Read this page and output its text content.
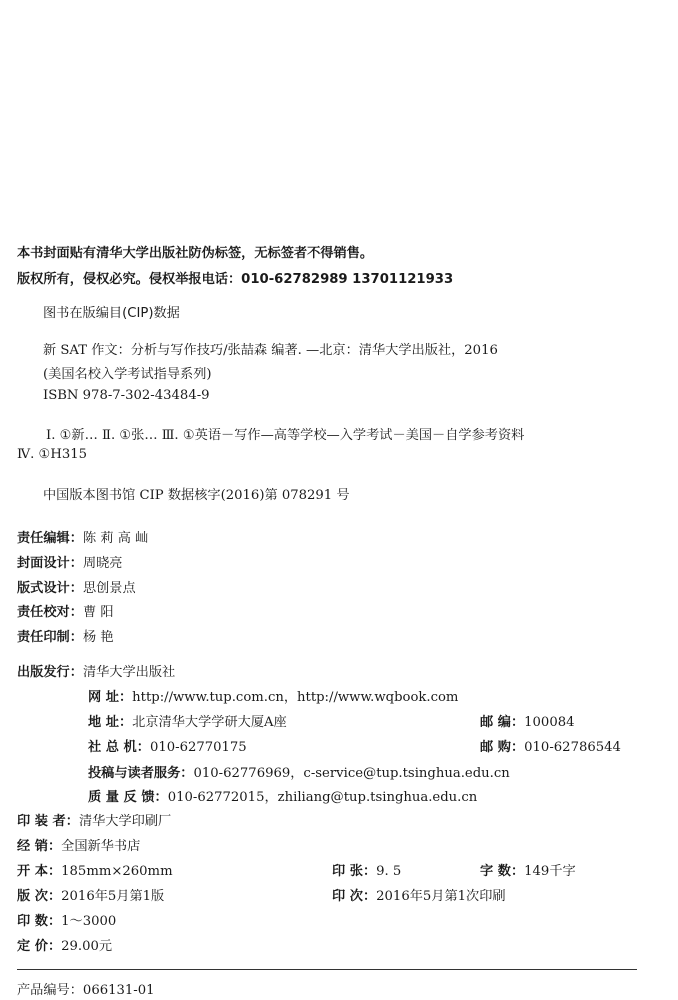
本书封面贴有清华大学出版社防伪标签，无标签者不得销售。
版权所有，侵权必究。侵权举报电话：010-62782989 13701121933
图书在版编目(CIP)数据
新 SAT 作文：分析与写作技巧/张喆森 编著. —北京：清华大学出版社，2016
(美国名校入学考试指导系列)
ISBN 978-7-302-43484-9
Ⅰ. ①新… Ⅱ. ①张… Ⅲ. ①英语－写作—高等学校—入学考试－美国－自学参考资料
Ⅳ. ①H315
中国版本图书馆 CIP 数据核字(2016)第 078291 号
责任编辑：陈 莉 高 屾
封面设计：周晓亮
版式设计：思创景点
责任校对：曹 阳
责任印制：杨 艳
出版发行：清华大学出版社
网 址：http://www.tup.com.cn，http://www.wqbook.com
地 址：北京清华大学学研大厦A座	邮 编：100084
社 总 机：010-62770175	邮 购：010-62786544
投稿与读者服务：010-62776969，c-service@tup.tsinghua.edu.cn
质 量 反 馈：010-62772015，zhiliang@tup.tsinghua.edu.cn
印 装 者：清华大学印刷厂
经 销：全国新华书店
开 本：185mm×260mm	印 张：9. 5	字 数：149千字
版 次：2016年5月第1版	印 次：2016年5月第1次印刷
印 数：1～3000
定 价：29.00元
产品编号：066131-01
